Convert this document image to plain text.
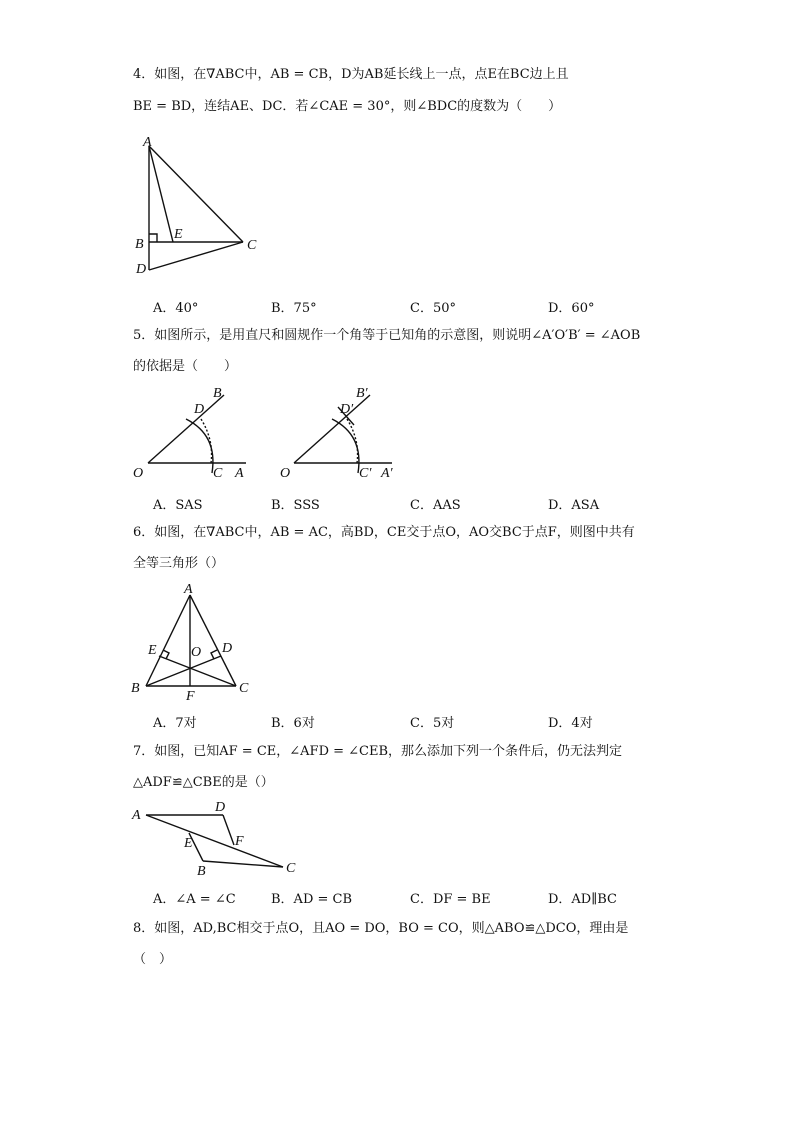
4．如图，在∇ABC中，AB = CB，D为AB延长线上一点，点E在BC边上且
BE = BD，连结AE、DC．若∠CAE = 30°，则∠BDC的度数为（　　）
A
B
E
C
D
A．40°	B．75°	C．50°	D．60°
5．如图所示，是用直尺和圆规作一个角等于已知角的示意图，则说明∠A′O′B′ = ∠AOB
的依据是（　　）
B
D
O	C A
B′
D′
O	C′ A′
A．SAS	B．SSS	C．AAS	D．ASA
6．如图，在∇ABC中，AB = AC，高BD，CE交于点O，AO交BC于点F，则图中共有
全等三角形（）
A
E O D
B
F
C
A．7对	B．6对	C．5对	D．4对
7．如图，已知AF = CE，∠AFD = ∠CEB，那么添加下列一个条件后，仍无法判定
△ADF≌△CBE的是（）
A
D
F
E
B	C
A．∠A = ∠C	B．AD = CB	C．DF = BE	D．AD∥BC
8．如图，AD,BC相交于点O，且AO = DO，BO = CO，则△ABO≌△DCO，理由是
（　）
